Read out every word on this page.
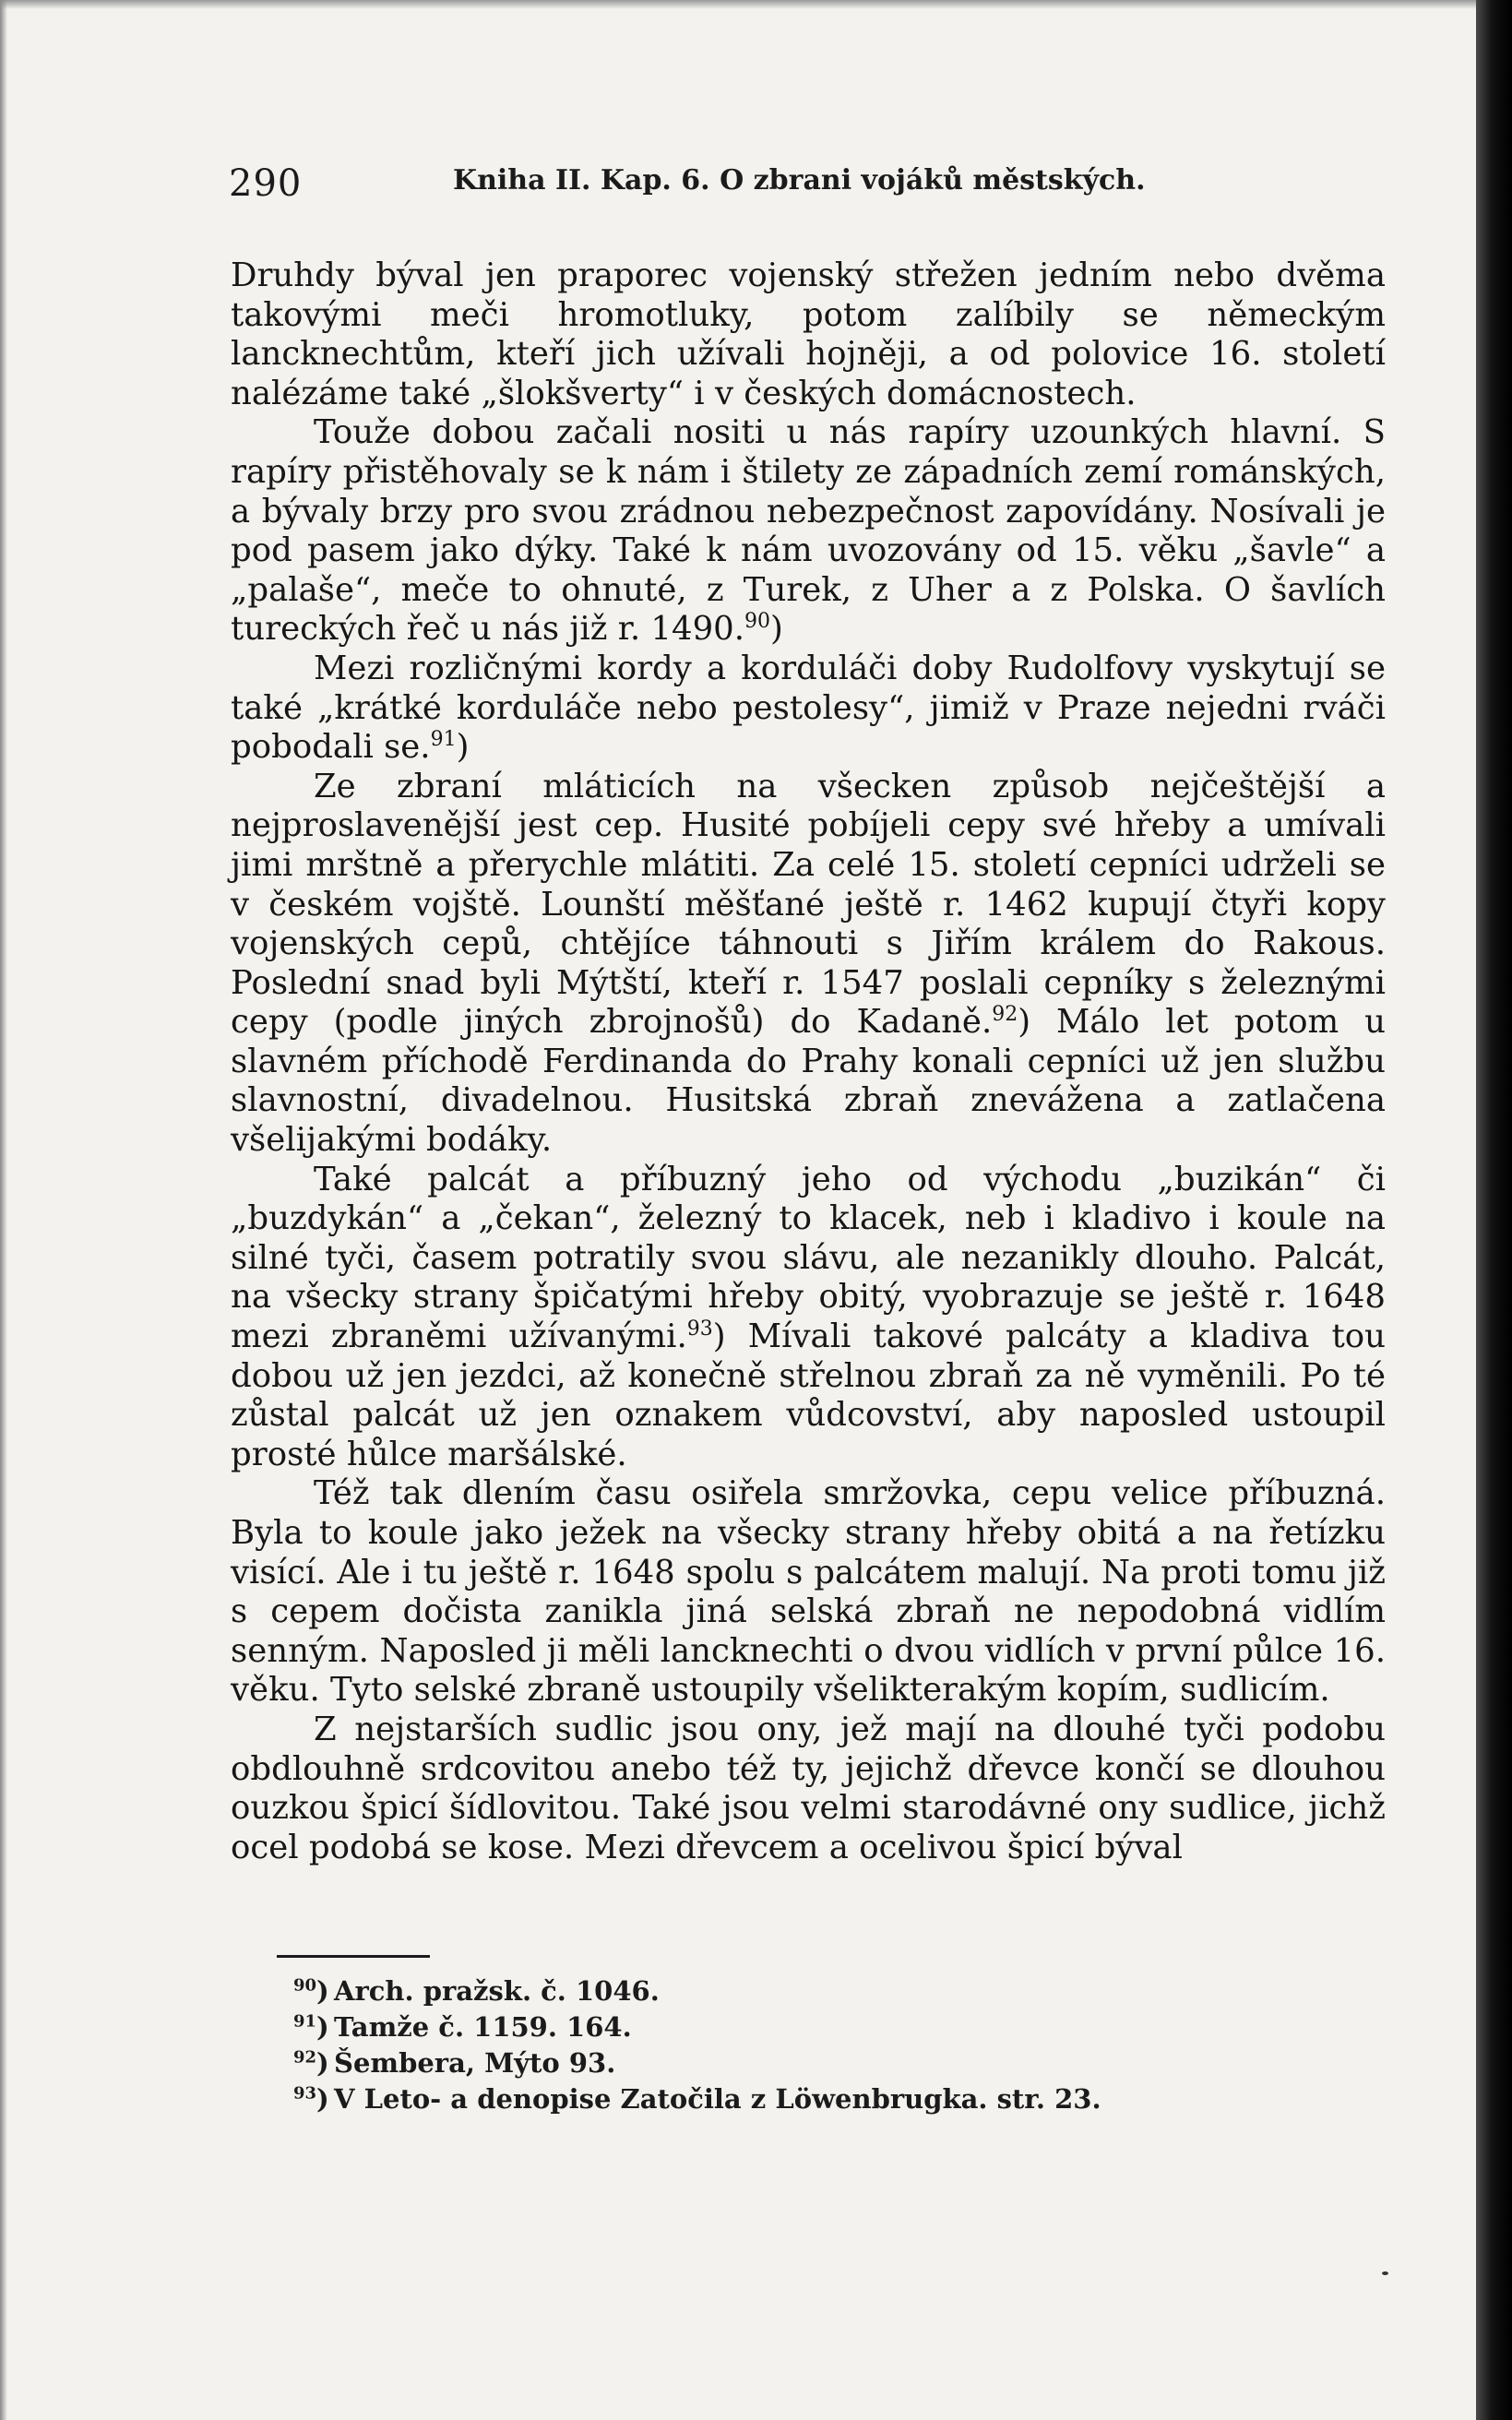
290	Kniha II. Kap. 6. O zbrani vojáků městských.

Druhdy býval jen praporec vojenský střežen jedním nebo dvěma takovými meči hromotluky, potom zalíbily se německým lancknechtům, kteří jich užívali hojněji, a od polovice 16. století nalézáme také „šlokšverty“ i v českých domácnostech.

Touže dobou začali nositi u nás rapíry uzounkých hlavní. S rapíry přistěhovaly se k nám i štilety ze západních zemí románských, a bývaly brzy pro svou zrádnou nebezpečnost zapovídány. Nosívali je pod pasem jako dýky. Také k nám uvozovány od 15. věku „šavle“ a „palaše“, meče to ohnuté, z Turek, z Uher a z Polska. O šavlích tureckých řeč u nás již r. 1490.90)

Mezi rozličnými kordy a korduláči doby Rudolfovy vyskytují se také „krátké korduláče nebo pestolesy“, jimiž v Praze nejedni rváči pobodali se.$^{91}$)

Ze zbraní mláticích na všecken způsob nejčeštější a nejproslavenější jest cep. Husité pobíjeli cepy své hřeby a umívali jimi mrštně a přerychle mlátiti. Za celé 15. století cepníci udrželi se v českém vojště. Lounští měšťané ještě r. 1462 kupují čtyři kopy vojenských cepů, chtějíce táhnouti s Jiřím králem do Rakous. Poslední snad byli Mýtští, kteří r. 1547 poslali cepníky s železnými cepy (podle jiných zbrojnošů) do Kadaně.$^{92}$) Málo let potom u slavném příchodě Ferdinanda do Prahy konali cepníci už jen službu slavnostní, divadelnou. Husitská zbraň znevážena a zatlačena všelijakými bodáky.

Také palcát a příbuzný jeho od východu „buzikán“ či „buzdykán“ a „čekan“, železný to klacek, neb i kladivo i koule na silné tyči, časem potratily svou slávu, ale nezanikly dlouho. Palcát, na všecky strany špičatými hřeby obitý, vyobrazuje se ještě r. 1648 mezi zbraněmi užívanými.$^{93}$) Mívali takové palcáty a kladiva tou dobou už jen jezdci, až konečně střelnou zbraň za ně vyměnili. Po té zůstal palcát už jen oznakem vůdcovství, aby naposled ustoupil prosté hůlce maršálské.

Též tak dlením času osiřela smržovka, cepu velice příbuzná. Byla to koule jako ježek na všecky strany hřeby obitá a na řetízku visící. Ale i tu ještě r. 1648 spolu s palcátem malují. Na proti tomu již s cepem dočista zanikla jiná selská zbraň ne nepodobná vidlím senným. Naposled ji měli lancknechti o dvou vidlích v první půlce 16. věku. Tyto selské zbraně ustoupily všelikterakým kopím, sudlicím.

Z nejstarších sudlic jsou ony, jež mají na dlouhé tyči podobu obdlouhně srdcovitou anebo též ty, jejichž dřevce končí se dlouhou ouzkou špicí šídlovitou. Také jsou velmi starodávné ony sudlice, jichž ocel podobá se kose. Mezi dřevcem a ocelivou špicí býval

$^{90}$) Arch. pražsk. č. 1046.
$^{91}$) Tamže č. 1159. 164.
$^{92}$) Šembera, Mýto 93.
$^{93}$) V Leto- a denopise Zatočila z Löwenbrugka. str. 23.
